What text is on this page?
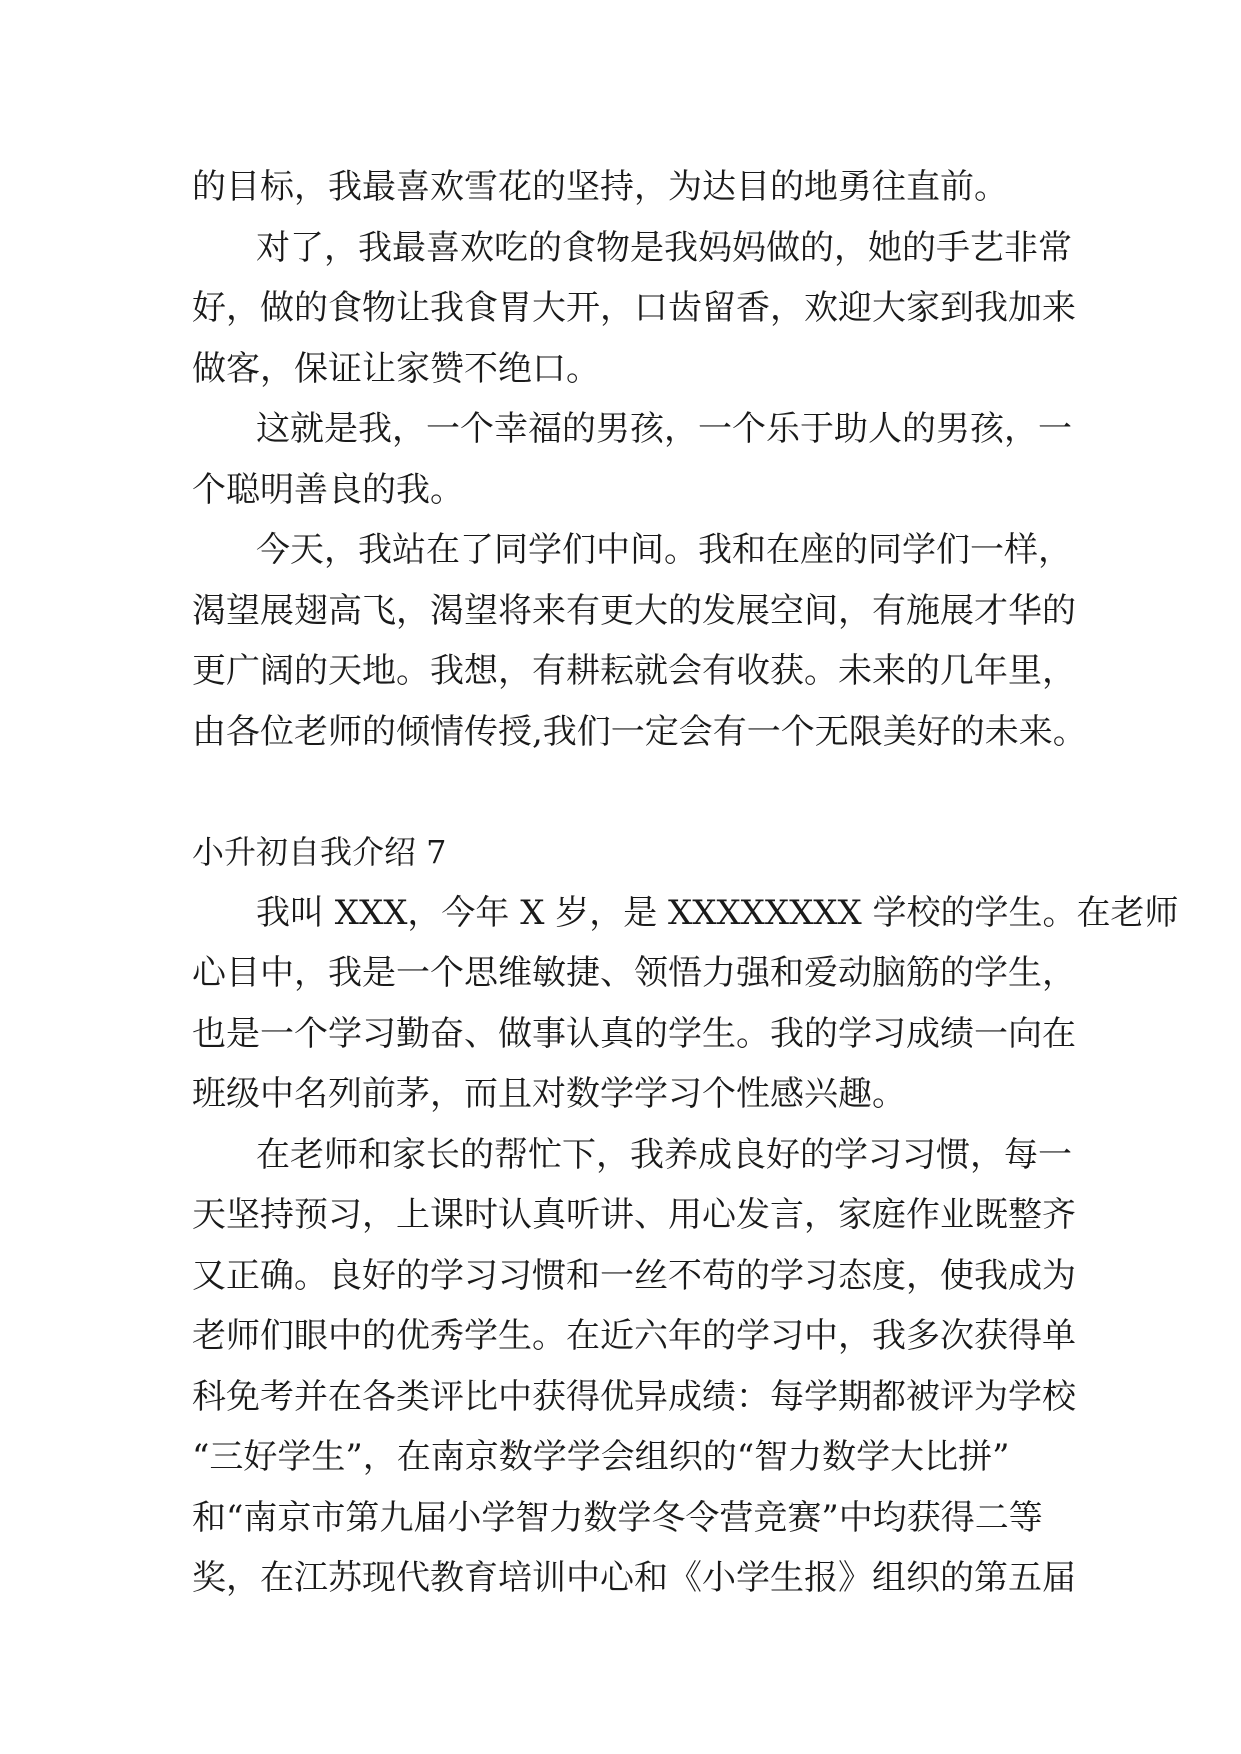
的目标，我最喜欢雪花的坚持，为达目的地勇往直前。
对了，我最喜欢吃的食物是我妈妈做的，她的手艺非常
好，做的食物让我食胃大开，口齿留香，欢迎大家到我加来
做客，保证让家赞不绝口。
这就是我，一个幸福的男孩，一个乐于助人的男孩，一
个聪明善良的我。
今天，我站在了同学们中间。我和在座的同学们一样，
渴望展翅高飞，渴望将来有更大的发展空间，有施展才华的
更广阔的天地。我想，有耕耘就会有收获。未来的几年里，
由各位老师的倾情传授,我们一定会有一个无限美好的未来。
小升初自我介绍 7
我叫 XXX，今年 X 岁，是 XXXXXXXX 学校的学生。在老师
心目中，我是一个思维敏捷、领悟力强和爱动脑筋的学生，
也是一个学习勤奋、做事认真的学生。我的学习成绩一向在
班级中名列前茅，而且对数学学习个性感兴趣。
在老师和家长的帮忙下，我养成良好的学习习惯，每一
天坚持预习，上课时认真听讲、用心发言，家庭作业既整齐
又正确。良好的学习习惯和一丝不苟的学习态度，使我成为
老师们眼中的优秀学生。在近六年的学习中，我多次获得单
科免考并在各类评比中获得优异成绩：每学期都被评为学校
“三好学生”，在南京数学学会组织的“智力数学大比拼”
和“南京市第九届小学智力数学冬令营竞赛”中均获得二等
奖，在江苏现代教育培训中心和《小学生报》组织的第五届
